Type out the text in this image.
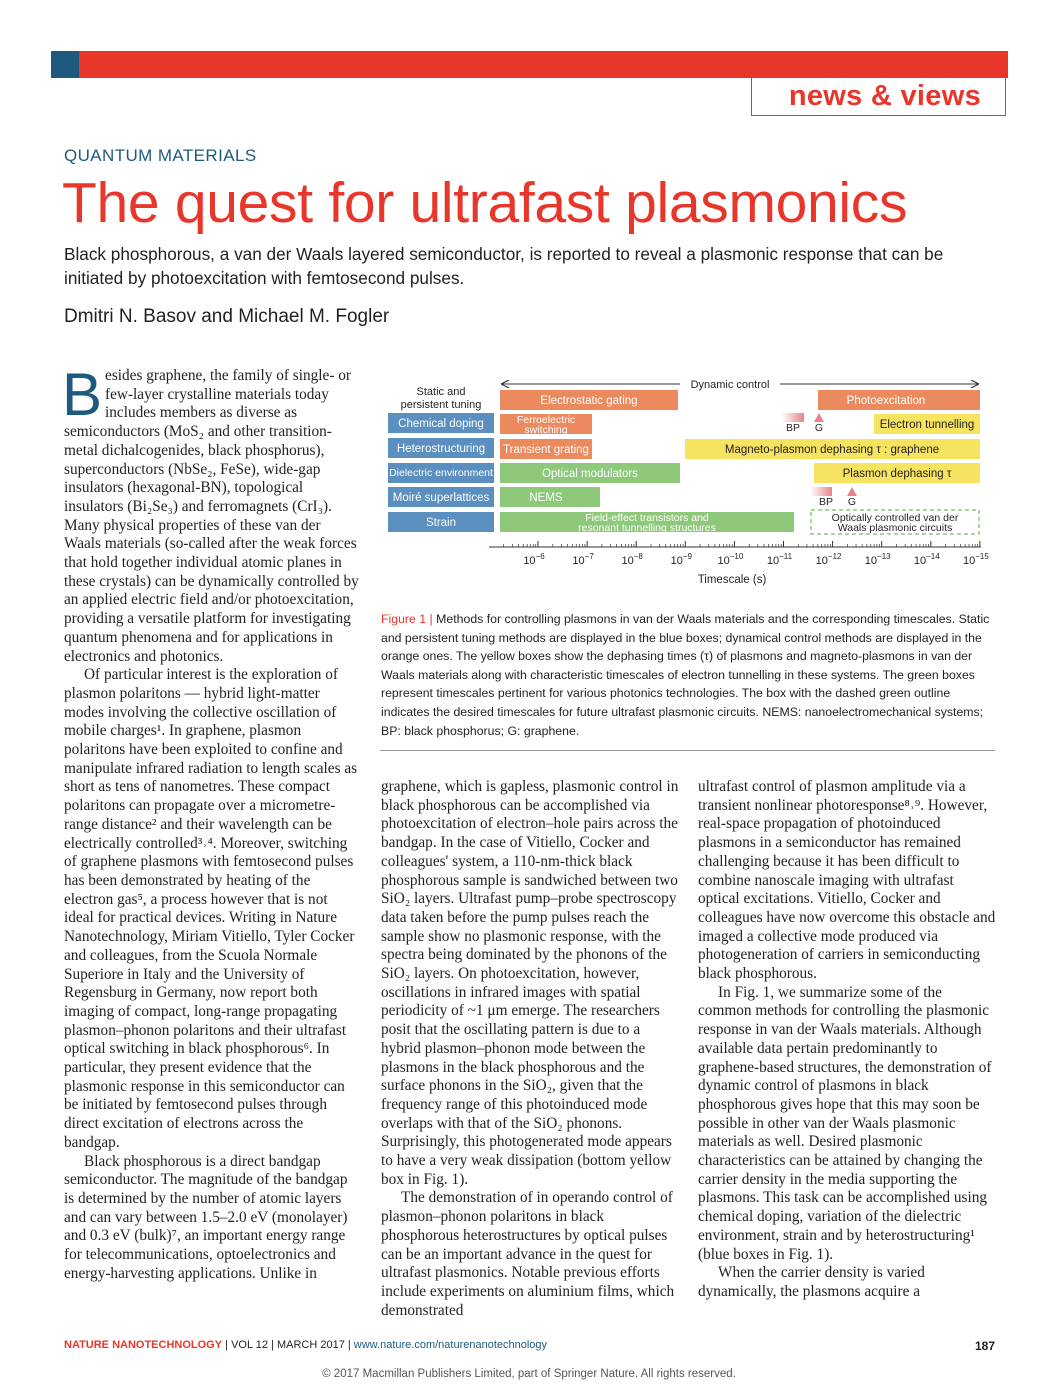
news & views
QUANTUM MATERIALS
The quest for ultrafast plasmonics
Black phosphorous, a van der Waals layered semiconductor, is reported to reveal a plasmonic response that can be initiated by photoexcitation with femtosecond pulses.
Dmitri N. Basov and Michael M. Fogler

Besides graphene, the family of single- or few-layer crystalline materials today includes members as diverse as semiconductors (MoS₂ and other transition-metal dichalcogenides, black phosphorus), superconductors (NbSe₂, FeSe), wide-gap insulators (hexagonal-BN), topological insulators (Bi₂Se₃) and ferromagnets (CrI₃). Many physical properties of these van der Waals materials (so-called after the weak forces that hold together individual atomic planes in these crystals) can be dynamically controlled by an applied electric field and/or photoexcitation, providing a versatile platform for investigating quantum phenomena and for applications in electronics and photonics.

Of particular interest is the exploration of plasmon polaritons — hybrid light-matter modes involving the collective oscillation of mobile charges¹. In graphene, plasmon polaritons have been exploited to confine and manipulate infrared radiation to length scales as short as tens of nanometres. These compact polaritons can propagate over a micrometre-range distance² and their wavelength can be electrically controlled³˒⁴. Moreover, switching of graphene plasmons with femtosecond pulses has been demonstrated by heating of the electron gas⁵, a process however that is not ideal for practical devices. Writing in Nature Nanotechnology, Miriam Vitiello, Tyler Cocker and colleagues, from the Scuola Normale Superiore in Italy and the University of Regensburg in Germany, now report both imaging of compact, long-range propagating plasmon–phonon polaritons and their ultrafast optical switching in black phosphorous⁶. In particular, they present evidence that the plasmonic response in this semiconductor can be initiated by femtosecond pulses through direct excitation of electrons across the bandgap.

Black phosphorous is a direct bandgap semiconductor. The magnitude of the bandgap is determined by the number of atomic layers and can vary between 1.5–2.0 eV (monolayer) and 0.3 eV (bulk)⁷, an important energy range for telecommunications, optoelectronics and energy-harvesting applications. Unlike in

graphene, which is gapless, plasmonic control in black phosphorous can be accomplished via photoexcitation of electron–hole pairs across the bandgap. In the case of Vitiello, Cocker and colleagues' system, a 110-nm-thick black phosphorous sample is sandwiched between two SiO₂ layers. Ultrafast pump–probe spectroscopy data taken before the pump pulses reach the sample show no plasmonic response, with the spectra being dominated by the phonons of the SiO₂ layers. On photoexcitation, however, oscillations in infrared images with spatial periodicity of ~1 μm emerge. The researchers posit that the oscillating pattern is due to a hybrid plasmon–phonon mode between the plasmons in the black phosphorous and the surface phonons in the SiO₂, given that the frequency range of this photoinduced mode overlaps with that of the SiO₂ phonons. Surprisingly, this photogenerated mode appears to have a very weak dissipation (bottom yellow box in Fig. 1).

The demonstration of in operando control of plasmon–phonon polaritons in black phosphorous heterostructures by optical pulses can be an important advance in the quest for ultrafast plasmonics. Notable previous efforts include experiments on aluminium films, which demonstrated

ultrafast control of plasmon amplitude via a transient nonlinear photoresponse⁸˒⁹. However, real-space propagation of photoinduced plasmons in a semiconductor has remained challenging because it has been difficult to combine nanoscale imaging with ultrafast optical excitations. Vitiello, Cocker and colleagues have now overcome this obstacle and imaged a collective mode produced via photogeneration of carriers in semiconducting black phosphorous.

In Fig. 1, we summarize some of the common methods for controlling the plasmonic response in van der Waals materials. Although available data pertain predominantly to graphene-based structures, the demonstration of dynamic control of plasmons in black phosphorous gives hope that this may soon be possible in other van der Waals plasmonic materials as well. Desired plasmonic characteristics can be attained by changing the carrier density in the media supporting the plasmons. This task can be accomplished using chemical doping, variation of the dielectric environment, strain and by heterostructuring¹ (blue boxes in Fig. 1).

When the carrier density is varied dynamically, the plasmons acquire a

Static and
persistent tuning
Dynamic control
Chemical doping
Heterostructuring
Dielectric environment
Moiré superlattices
Strain
Electrostatic gating
Ferroelectric
switching
Transient grating
Photoexcitation
Electron tunnelling
Magneto-plasmon dephasing τ : graphene
Plasmon dephasing τ
Optical modulators
NEMS
Field-effect transistors and
resonant tunnelling structures
Optically controlled van der
Waals plasmonic circuits
BP G
BP G
$10^{-6}$	$10^{-7}$	$10^{-8}$	$10^{-9}$ $10^{-10}$ $10^{-11}$ $10^{-12}$ $10^{-13}$ $10^{-14}$ $10^{-15}$
Timescale (s)
Figure 1 | Methods for controlling plasmons in van der Waals materials and the corresponding timescales. Static and persistent tuning methods are displayed in the blue boxes; dynamical control methods are displayed in the orange ones. The yellow boxes show the dephasing times (τ) of plasmons and magneto-plasmons in van der Waals materials along with characteristic timescales of electron tunnelling in these systems. The green boxes represent timescales pertinent for various photonics technologies. The box with the dashed green outline indicates the desired timescales for future ultrafast plasmonic circuits. NEMS: nanoelectromechanical systems; BP: black phosphorus; G: graphene.
NATURE NANOTECHNOLOGY | VOL 12 | MARCH 2017 | www.nature.com/naturenanotechnology	187
© 2017 Macmillan Publishers Limited, part of Springer Nature. All rights reserved.
